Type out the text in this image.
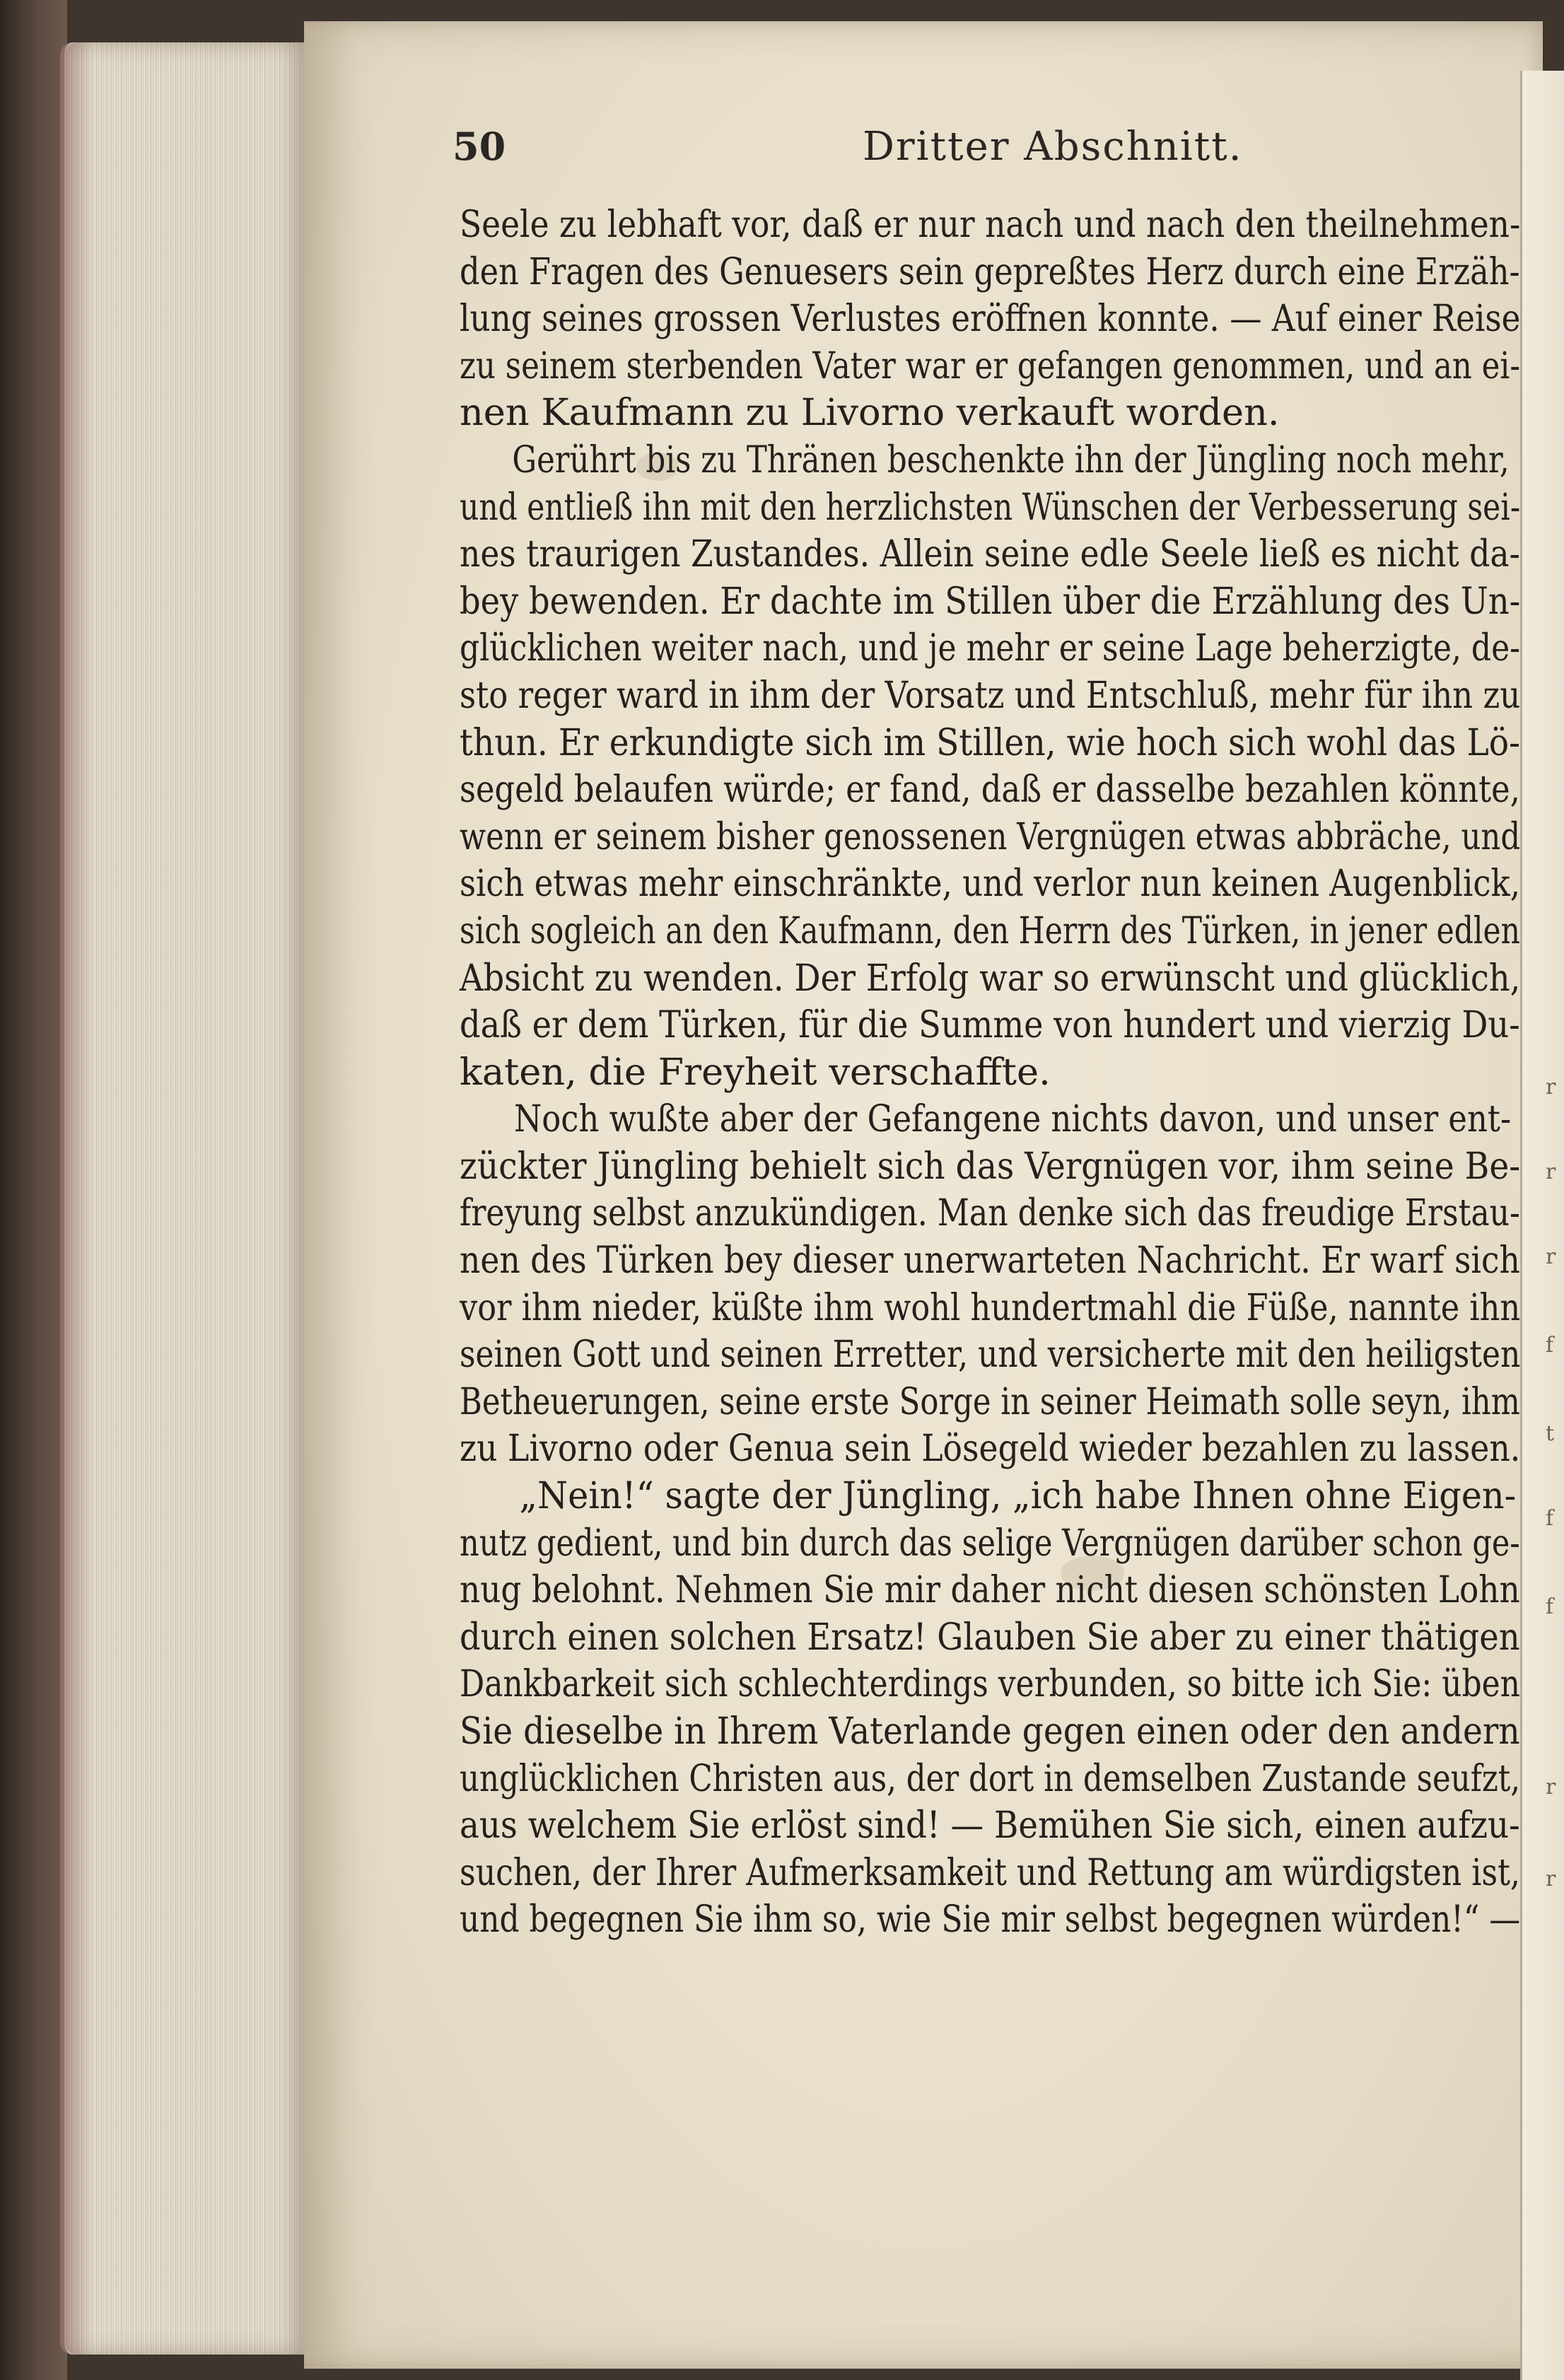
r
r
r
f
t
f
f
r
r
50	Dritter Abschnitt.
Seele zu lebhaft vor, daß er nur nach und nach den theilnehmen-
den Fragen des Genuesers sein gepreßtes Herz durch eine Erzäh-
lung seines grossen Verlustes eröffnen konnte. — Auf einer Reise
zu seinem sterbenden Vater war er gefangen genommen, und an ei-
nen Kaufmann zu Livorno verkauft worden.
Gerührt bis zu Thränen beschenkte ihn der Jüngling noch mehr,
und entließ ihn mit den herzlichsten Wünschen der Verbesserung sei-
nes traurigen Zustandes. Allein seine edle Seele ließ es nicht da-
bey bewenden. Er dachte im Stillen über die Erzählung des Un-
glücklichen weiter nach, und je mehr er seine Lage beherzigte, de-
sto reger ward in ihm der Vorsatz und Entschluß, mehr für ihn zu
thun. Er erkundigte sich im Stillen, wie hoch sich wohl das Lö-
segeld belaufen würde; er fand, daß er dasselbe bezahlen könnte,
wenn er seinem bisher genossenen Vergnügen etwas abbräche, und
sich etwas mehr einschränkte, und verlor nun keinen Augenblick,
sich sogleich an den Kaufmann, den Herrn des Türken, in jener edlen
Absicht zu wenden. Der Erfolg war so erwünscht und glücklich,
daß er dem Türken, für die Summe von hundert und vierzig Du-
katen, die Freyheit verschaffte.
Noch wußte aber der Gefangene nichts davon, und unser ent-
zückter Jüngling behielt sich das Vergnügen vor, ihm seine Be-
freyung selbst anzukündigen. Man denke sich das freudige Erstau-
nen des Türken bey dieser unerwarteten Nachricht. Er warf sich
vor ihm nieder, küßte ihm wohl hundertmahl die Füße, nannte ihn
seinen Gott und seinen Erretter, und versicherte mit den heiligsten
Betheuerungen, seine erste Sorge in seiner Heimath solle seyn, ihm
zu Livorno oder Genua sein Lösegeld wieder bezahlen zu lassen.
„Nein!“ sagte der Jüngling, „ich habe Ihnen ohne Eigen-
nutz gedient, und bin durch das selige Vergnügen darüber schon ge-
nug belohnt. Nehmen Sie mir daher nicht diesen schönsten Lohn
durch einen solchen Ersatz! Glauben Sie aber zu einer thätigen
Dankbarkeit sich schlechterdings verbunden, so bitte ich Sie: üben
Sie dieselbe in Ihrem Vaterlande gegen einen oder den andern
unglücklichen Christen aus, der dort in demselben Zustande seufzt,
aus welchem Sie erlöst sind! — Bemühen Sie sich, einen aufzu-
suchen, der Ihrer Aufmerksamkeit und Rettung am würdigsten ist,
und begegnen Sie ihm so, wie Sie mir selbst begegnen würden!“ —
